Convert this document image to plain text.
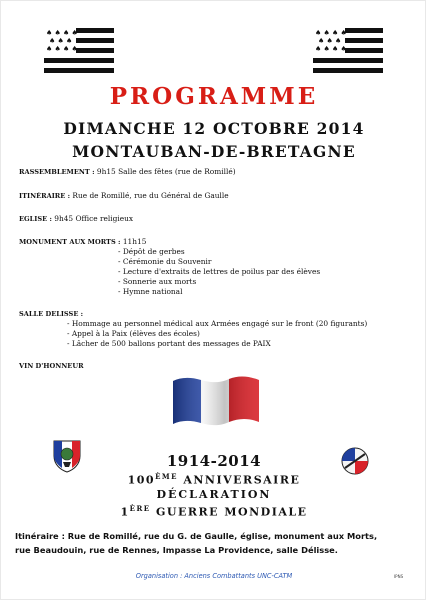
♠ ♠ ♠ ♠
♠ ♠ ♠
♠ ♠ ♠ ♠
♠ ♠ ♠ ♠
♠ ♠ ♠
♠ ♠ ♠ ♠
PROGRAMME
DIMANCHE 12 OCTOBRE 2014
MONTAUBAN-DE-BRETAGNE
RASSEMBLEMENT : 9h15 Salle des fêtes (rue de Romillé)
ITINÉRAIRE : Rue de Romillé, rue du Général de Gaulle
EGLISE : 9h45 Office religieux
MONUMENT AUX MORTS : 11h15
- Dépôt de gerbes
- Cérémonie du Souvenir
- Lecture d'extraits de lettres de poilus par des élèves
- Sonnerie aux morts
- Hymne national
SALLE DELISSE :
- Hommage au personnel médical aux Armées engagé sur le front (20 figurants)
- Appel à la Paix (élèves des écoles)
- Lâcher de 500 ballons portant des messages de PAIX
VIN D'HONNEUR
1914-2014
100ÈME ANNIVERSAIRE
DÉCLARATION
1ÈRE GUERRE MONDIALE
Itinéraire : Rue de Romillé, rue du G. de Gaulle, église, monument aux Morts,
rue Beaudouin, rue de Rennes, Impasse La Providence, salle Délisse.
Organisation : Anciens Combattants UNC-CATM	IPNS
